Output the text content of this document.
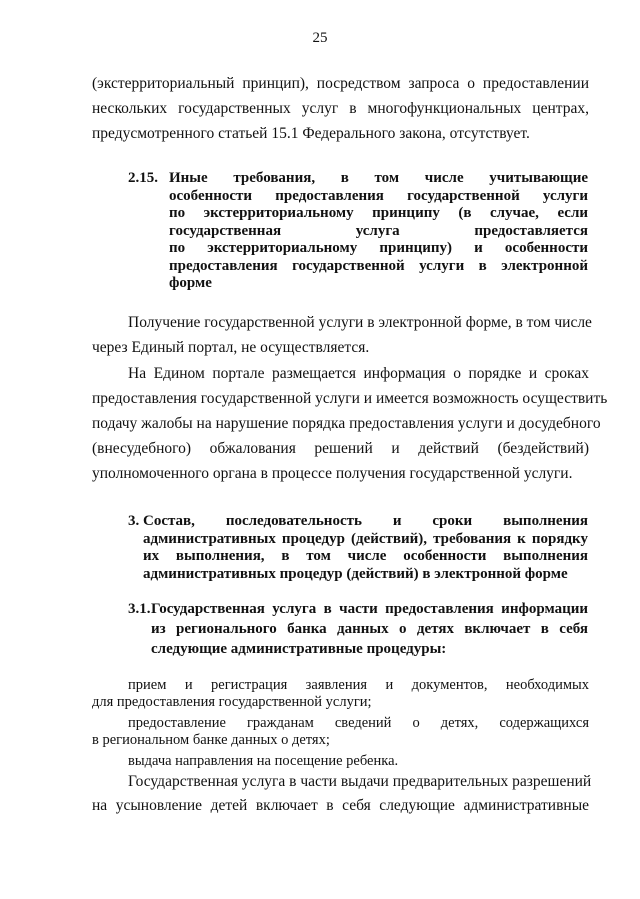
25
(экстерриториальный принцип), посредством запроса о предоставлении
нескольких государственных услуг в многофункциональных центрах,
предусмотренного статьей 15.1 Федерального закона, отсутствует.
2.15. Иные требования, в том числе учитывающие
особенности предоставления государственной услуги
по экстерриториальному принципу (в случае, если
государственная услуга предоставляется
по экстерриториальному принципу) и особенности
предоставления государственной услуги в электронной
форме
Получение государственной услуги в электронной форме, в том числе
через Единый портал, не осуществляется.
На Едином портале размещается информация о порядке и сроках
предоставления государственной услуги и имеется возможность осуществить
подачу жалобы на нарушение порядка предоставления услуги и досудебного
(внесудебного) обжалования решений и действий (бездействий)
уполномоченного органа в процессе получения государственной услуги.
3. Состав, последовательность и сроки выполнения
административных процедур (действий), требования к порядку
их выполнения, в том числе особенности выполнения
административных процедур (действий) в электронной форме
3.1. Государственная услуга в части предоставления информации
из регионального банка данных о детях включает в себя
следующие административные процедуры:
прием и регистрация заявления и документов, необходимых
для предоставления государственной услуги;
предоставление гражданам сведений о детях, содержащихся
в региональном банке данных о детях;
выдача направления на посещение ребенка.
Государственная услуга в части выдачи предварительных разрешений
на усыновление детей включает в себя следующие административные
